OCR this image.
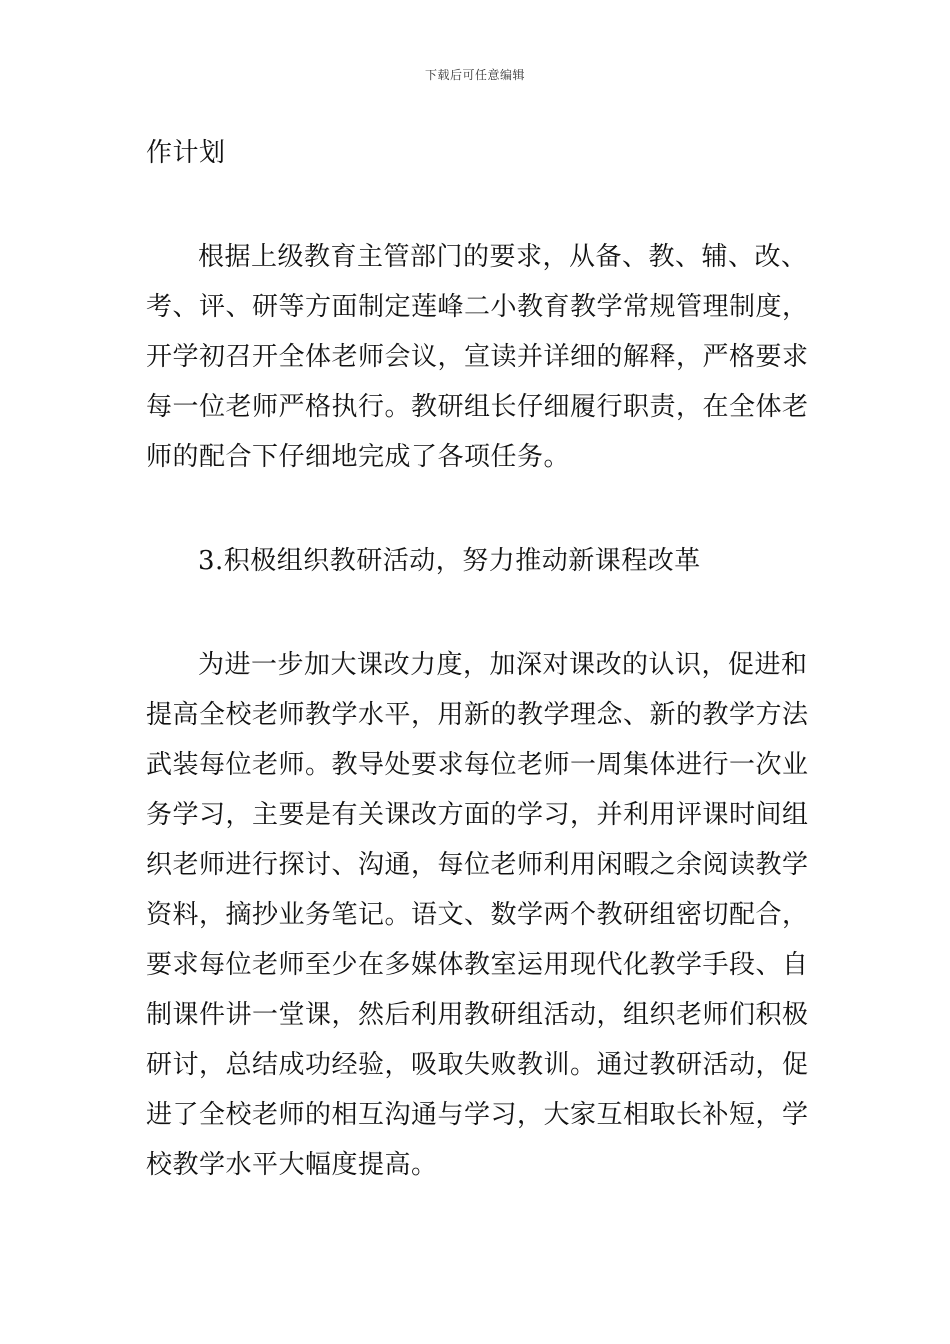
下载后可任意编辑
作计划
根据上级教育主管部门的要求，从备、教、辅、改、
考、评、研等方面制定莲峰二小教育教学常规管理制度，
开学初召开全体老师会议，宣读并详细的解释，严格要求
每一位老师严格执行。教研组长仔细履行职责，在全体老
师的配合下仔细地完成了各项任务。
3.积极组织教研活动，努力推动新课程改革
为进一步加大课改力度，加深对课改的认识，促进和
提高全校老师教学水平，用新的教学理念、新的教学方法
武装每位老师。教导处要求每位老师一周集体进行一次业
务学习，主要是有关课改方面的学习，并利用评课时间组
织老师进行探讨、沟通，每位老师利用闲暇之余阅读教学
资料，摘抄业务笔记。语文、数学两个教研组密切配合，
要求每位老师至少在多媒体教室运用现代化教学手段、自
制课件讲一堂课，然后利用教研组活动，组织老师们积极
研讨，总结成功经验，吸取失败教训。通过教研活动，促
进了全校老师的相互沟通与学习，大家互相取长补短，学
校教学水平大幅度提高。
